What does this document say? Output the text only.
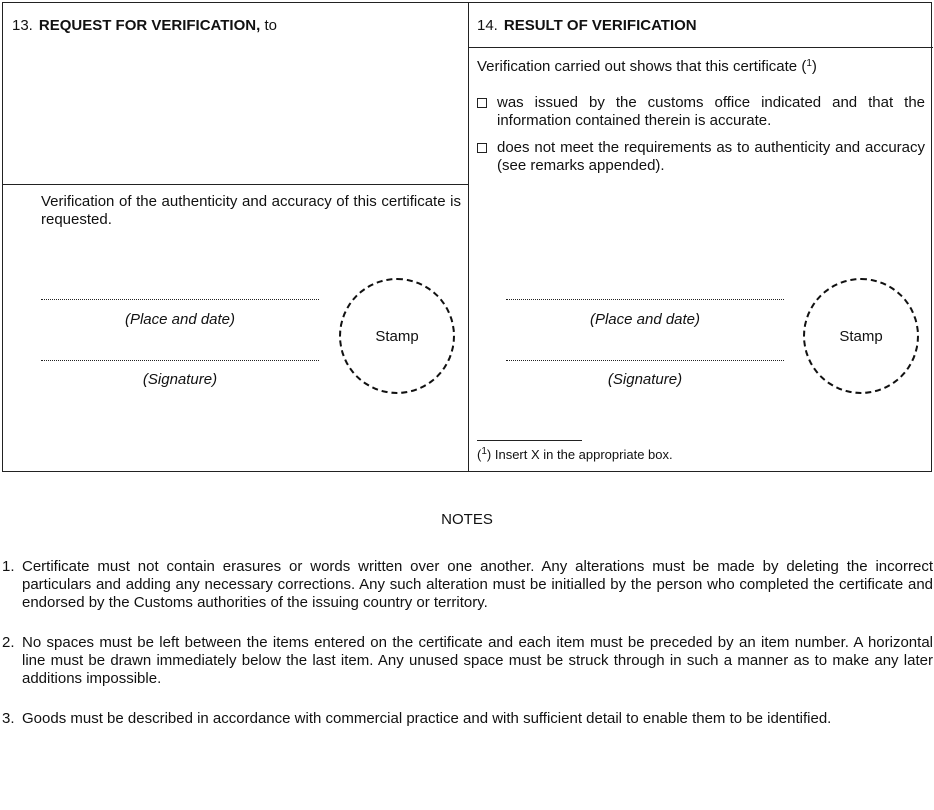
13. REQUEST FOR VERIFICATION, to
Verification of the authenticity and accuracy of this certificate is requested.
(Place and date)
(Signature)
Stamp
14. RESULT OF VERIFICATION
Verification carried out shows that this certificate ($^1$)
was issued by the customs office indicated and that the information contained therein is accurate.
does not meet the requirements as to authenticity and accuracy (see remarks appended).
(Place and date)
(Signature)
Stamp
($^1$) Insert X in the appropriate box.
NOTES
1. Certificate must not contain erasures or words written over one another. Any alterations must be made by deleting the incorrect particulars and adding any necessary corrections. Any such alteration must be initialled by the person who completed the certificate and endorsed by the Customs authorities of the issuing country or territory.
2. No spaces must be left between the items entered on the certificate and each item must be preceded by an item number. A horizontal line must be drawn immediately below the last item. Any unused space must be struck through in such a manner as to make any later additions impossible.
3. Goods must be described in accordance with commercial practice and with sufficient detail to enable them to be identified.
